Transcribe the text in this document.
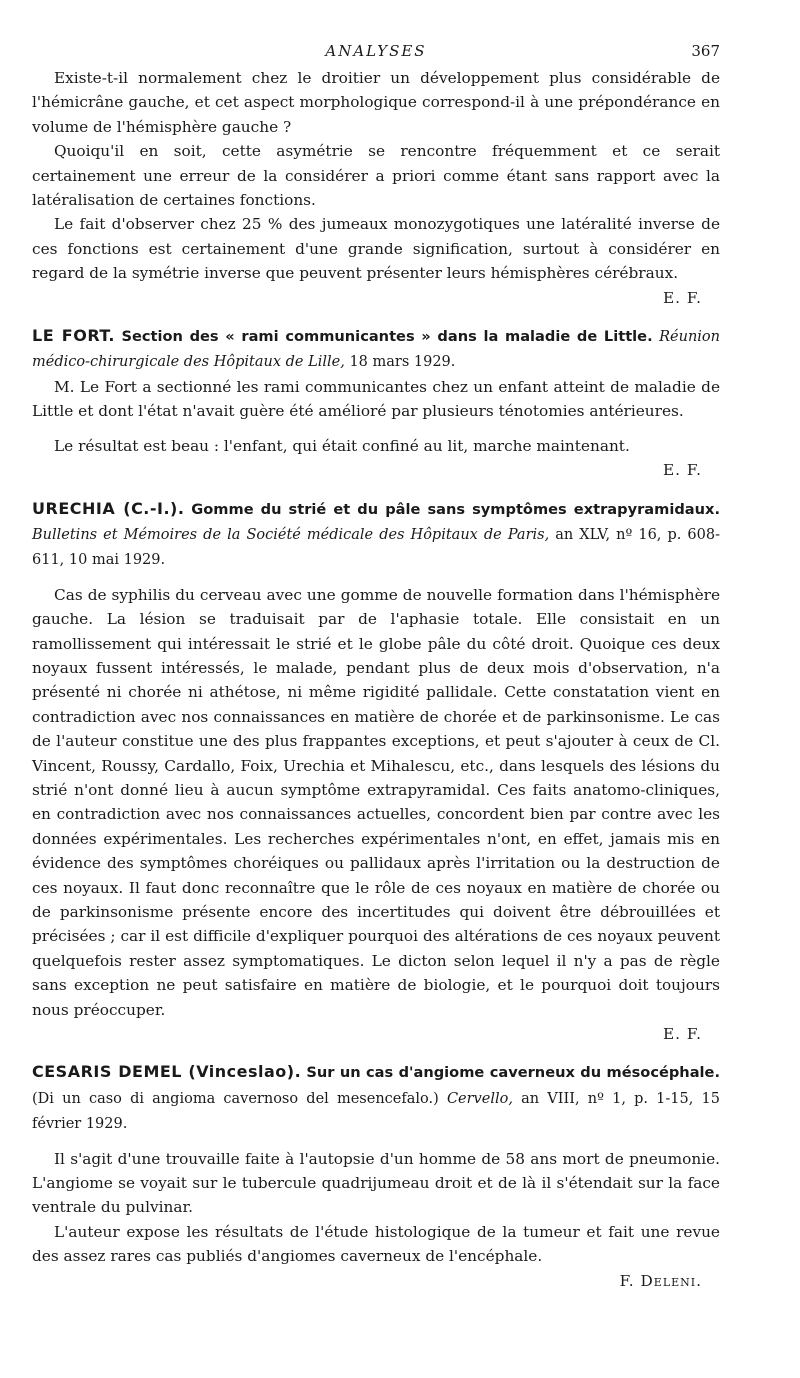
ANALYSES	367

Existe-t-il normalement chez le droitier un développement plus considérable de l'hémicrâne gauche, et cet aspect morphologique correspond-il à une prépondérance en volume de l'hémisphère gauche ?

Quoiqu'il en soit, cette asymétrie se rencontre fréquemment et ce serait certainement une erreur de la considérer a priori comme étant sans rapport avec la latéralisation de certaines fonctions.

Le fait d'observer chez 25 % des jumeaux monozygotiques une latéralité inverse de ces fonctions est certainement d'une grande signification, surtout à considérer en regard de la symétrie inverse que peuvent présenter leurs hémisphères cérébraux.

E. F.
LE FORT. Section des « rami communicantes » dans la maladie de Little. Réunion médico-chirurgicale des Hôpitaux de Lille, 18 mars 1929.

M. Le Fort a sectionné les rami communicantes chez un enfant atteint de maladie de Little et dont l'état n'avait guère été amélioré par plusieurs ténotomies antérieures.

Le résultat est beau : l'enfant, qui était confiné au lit, marche maintenant.

E. F.
URECHIA (C.-I.). Gomme du strié et du pâle sans symptômes extrapyramidaux. Bulletins et Mémoires de la Société médicale des Hôpitaux de Paris, an XLV, nº 16, p. 608-611, 10 mai 1929.

Cas de syphilis du cerveau avec une gomme de nouvelle formation dans l'hémisphère gauche. La lésion se traduisait par de l'aphasie totale. Elle consistait en un ramollissement qui intéressait le strié et le globe pâle du côté droit. Quoique ces deux noyaux fussent intéressés, le malade, pendant plus de deux mois d'observation, n'a présenté ni chorée ni athétose, ni même rigidité pallidale. Cette constatation vient en contradiction avec nos connaissances en matière de chorée et de parkinsonisme. Le cas de l'auteur constitue une des plus frappantes exceptions, et peut s'ajouter à ceux de Cl. Vincent, Roussy, Cardallo, Foix, Urechia et Mihalescu, etc., dans lesquels des lésions du strié n'ont donné lieu à aucun symptôme extrapyramidal. Ces faits anatomo-cliniques, en contradiction avec nos connaissances actuelles, concordent bien par contre avec les données expérimentales. Les recherches expérimentales n'ont, en effet, jamais mis en évidence des symptômes choréiques ou pallidaux après l'irritation ou la destruction de ces noyaux. Il faut donc reconnaître que le rôle de ces noyaux en matière de chorée ou de parkinsonisme présente encore des incertitudes qui doivent être débrouillées et précisées ; car il est difficile d'expliquer pourquoi des altérations de ces noyaux peuvent quelquefois rester assez symptomatiques. Le dicton selon lequel il n'y a pas de règle sans exception ne peut satisfaire en matière de biologie, et le pourquoi doit toujours nous préoccuper.

E. F.
CESARIS DEMEL (Vinceslao). Sur un cas d'angiome caverneux du mésocéphale. (Di un caso di angioma cavernoso del mesencefalo.) Cervello, an VIII, nº 1, p. 1-15, 15 février 1929.

Il s'agit d'une trouvaille faite à l'autopsie d'un homme de 58 ans mort de pneumonie. L'angiome se voyait sur le tubercule quadrijumeau droit et de là il s'étendait sur la face ventrale du pulvinar.

L'auteur expose les résultats de l'étude histologique de la tumeur et fait une revue des assez rares cas publiés d'angiomes caverneux de l'encéphale.

F. Deleni.
